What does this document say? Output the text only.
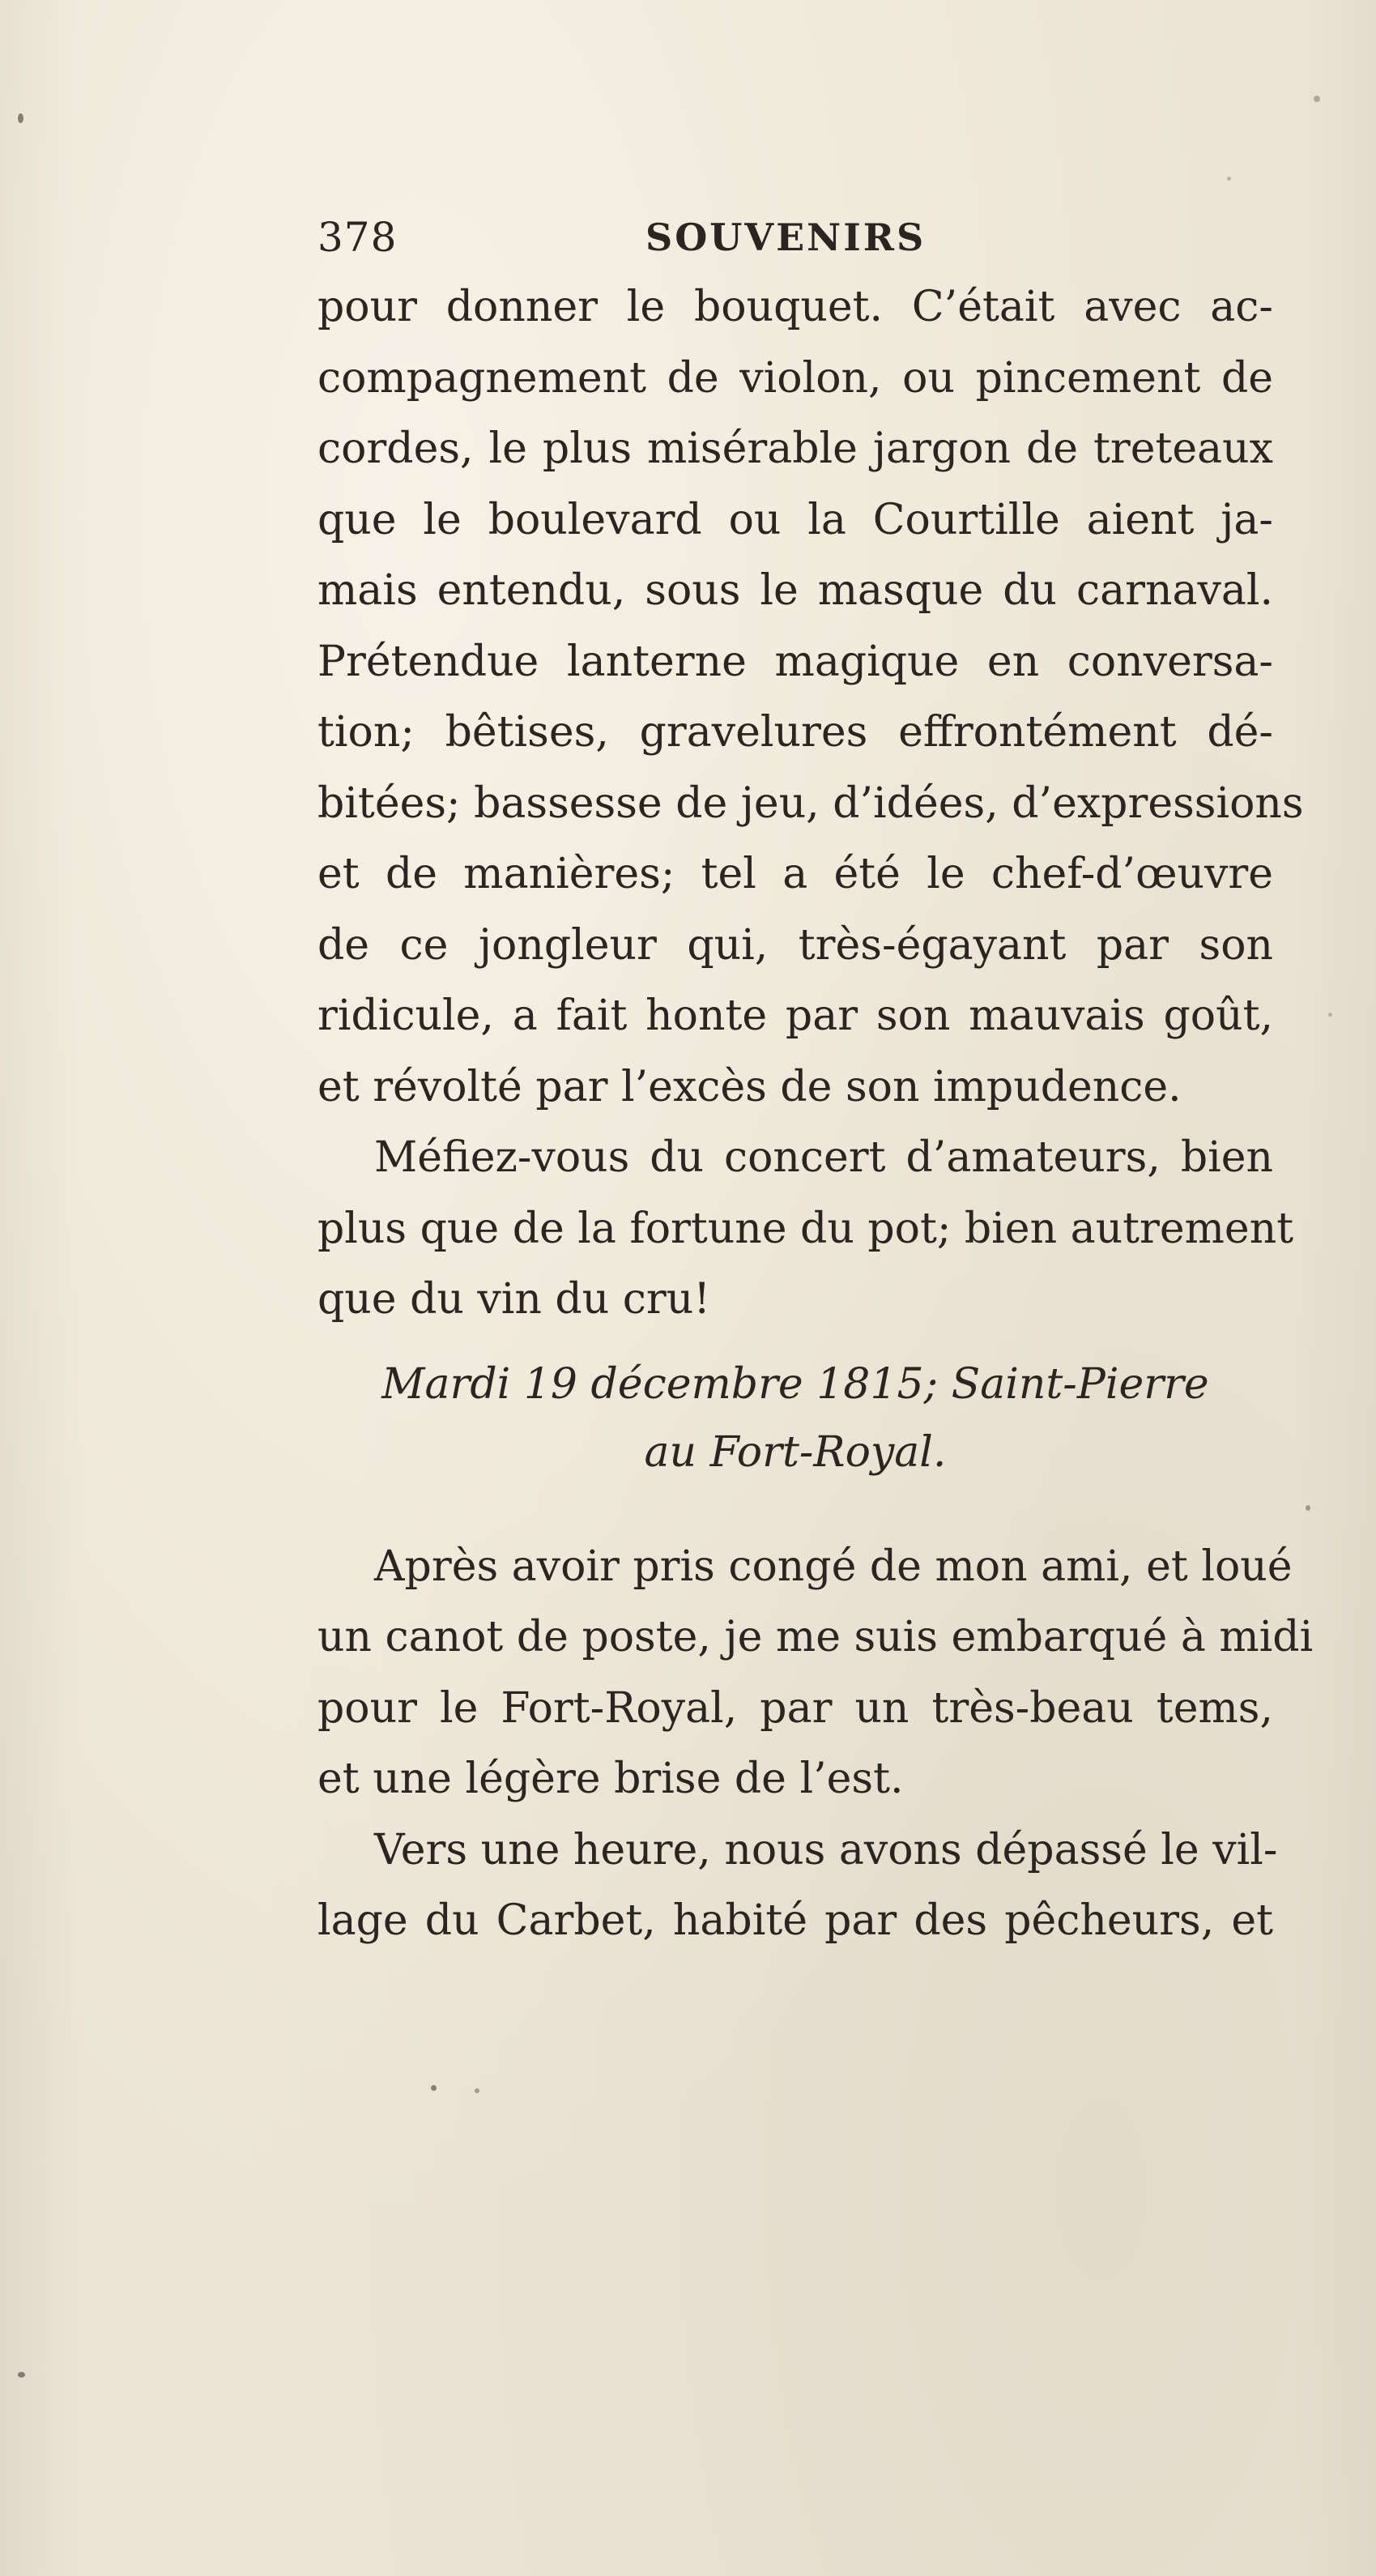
378	SOUVENIRS
pour donner le bouquet. C’était avec ac-
compagnement de violon, ou pincement de
cordes, le plus misérable jargon de treteaux
que le boulevard ou la Courtille aient ja-
mais entendu, sous le masque du carnaval.
Prétendue lanterne magique en conversa-
tion; bêtises, gravelures effrontément dé-
bitées; bassesse de jeu, d’idées, d’expressions
et de manières; tel a été le chef-d’œuvre
de ce jongleur qui, très-égayant par son
ridicule, a fait honte par son mauvais goût,
et révolté par l’excès de son impudence.
Méfiez-vous du concert d’amateurs, bien
plus que de la fortune du pot; bien autrement
que du vin du cru!
Mardi 19 décembre 1815; Saint-Pierre
au Fort-Royal.
Après avoir pris congé de mon ami, et loué
un canot de poste, je me suis embarqué à midi
pour le Fort-Royal, par un très-beau tems,
et une légère brise de l’est.
Vers une heure, nous avons dépassé le vil-
lage du Carbet, habité par des pêcheurs, et
